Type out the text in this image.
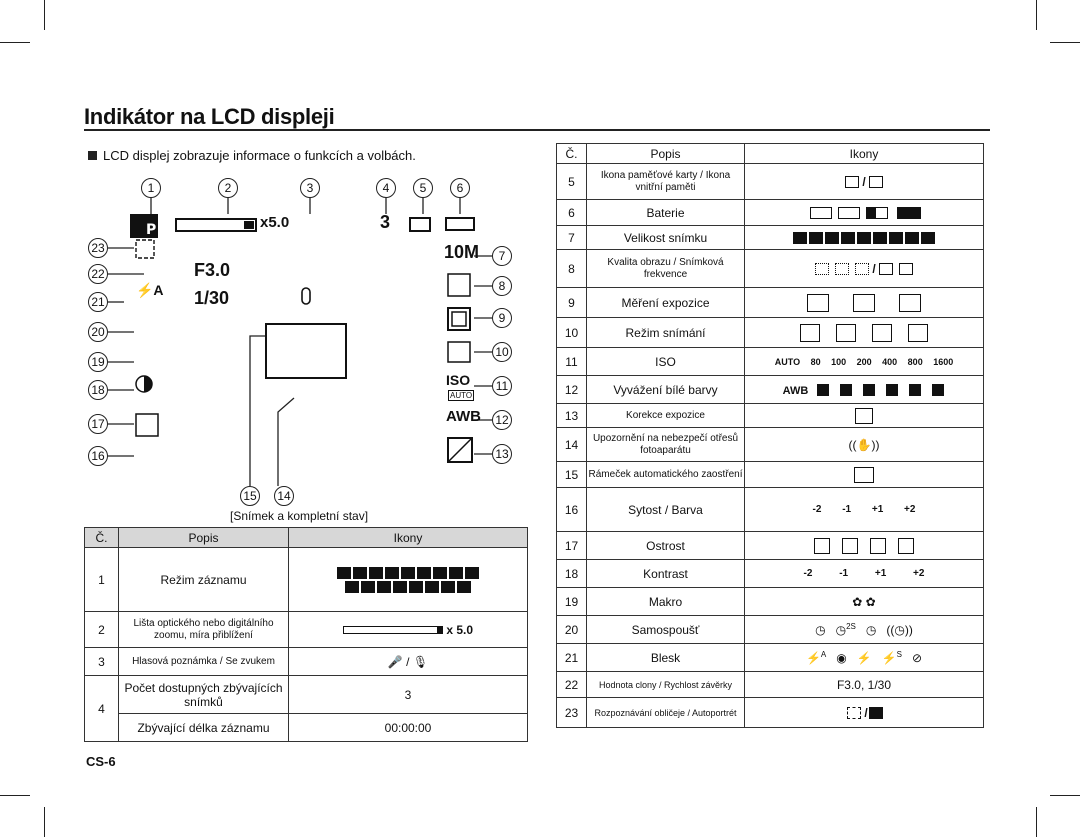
Indikátor na LCD displeji
LCD displej zobrazuje informace o funkcích a volbách.
P	x5.0	3
F3.0
1/30
⚡A
10M
ISO
AUTO
AWB
1	2	3	4	5	6
7
8
9
10
11
12
13
14
15
16
17
18
19
20
21
22
23
[Snímek a kompletní stav]
Č.	Popis	Ikony
1	Režim záznamu	

2	Lišta optického nebo digitálního zoomu, míra přiblížení	x 5.0
3	Hlasová poznámka / Se zvukem	🎤 / 🎙
4	Počet dostupných zbývajících snímků	3
	Zbývající délka záznamu	00:00:00
Č.	Popis	Ikony
5	Ikona paměťové karty / Ikona vnitřní paměti	/
6	Baterie	
7	Velikost snímku	
8	Kvalita obrazu / Snímková frekvence	/
9	Měření expozice	
10	Režim snímání	
11	ISO	AUTO 80 100 200 400 800 1600
12	Vyvážení bílé barvy	AWB
13	Korekce expozice	
14	Upozornění na nebezpečí otřesů fotoaparátu	((✋))
15	Rámeček automatického zaostření	
16	Sytost / Barva	-2 -1 +1 +2
17	Ostrost	
18	Kontrast	-2 -1 +1 +2
19	Makro	✿ ✿
20	Samospoušť	◷   ◷$^{2S}$   ◷   ((◷))
21	Blesk	⚡$^A$   ◉   ⚡   ⚡$^S$   ⊘
22	Hodnota clony / Rychlost závěrky	F3.0, 1/30
23	Rozpoznávání obličeje / Autoportrét	/
CS-6
